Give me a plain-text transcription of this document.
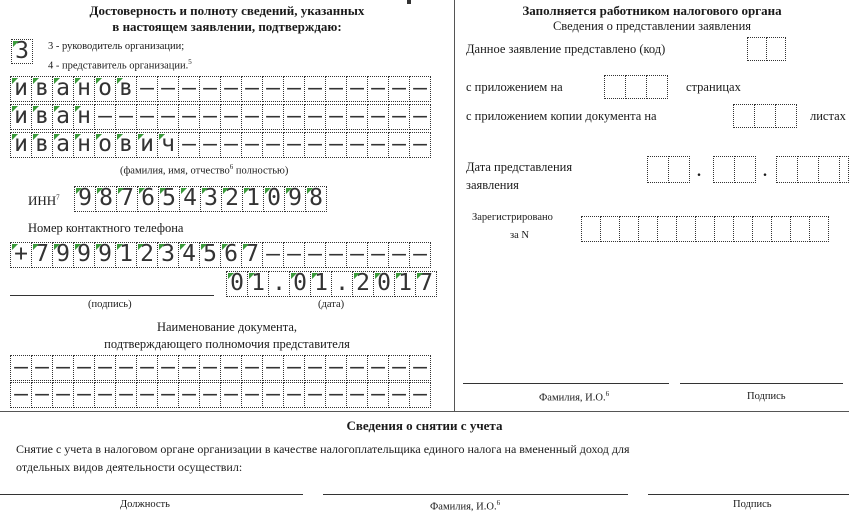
Достоверность и полноту сведений, указанных
в настоящем заявлении, подтверждаю:
3	3 - руководитель организации;
4 - представитель организации.$^5$
и в а н о в – – – – – – – – – – – – – –
и в а н – – – – – – – – – – – – – – – –
и в а н о в и ч – – – – – – – – – – – –
(фамилия, имя, отчество$^6$ полностью)
ИНН$^7$ 9 8 7 6 5 4 3 2 1 0 9 8
Номер контактного телефона
+ 7 9 9 9 1 2 3 4 5 6 7 – – – – – – – –
0 1 . 0 1 . 2 0 1 7
(подпись)	(дата)
Наименование документа,
подтверждающего полномочия представителя
– – – – – – – – – – – – – – – – – – – –
– – – – – – – – – – – – – – – – – – – –
Заполняется работником налогового органа
Сведения о представлении заявления
Данное заявление представлено (код)
с приложением на	страницах
с приложением копии документа на	листах
Дата представления
заявления
.	.
Зарегистрировано
за N
Фамилия, И.О.$^6$	Подпись
Сведения о снятии с учета
Снятие с учета в налоговом органе организации в качестве налогоплательщика единого налога на вмененный доход для
отдельных видов деятельности осуществил:
Должность	Фамилия, И.О.$^6$	Подпись
